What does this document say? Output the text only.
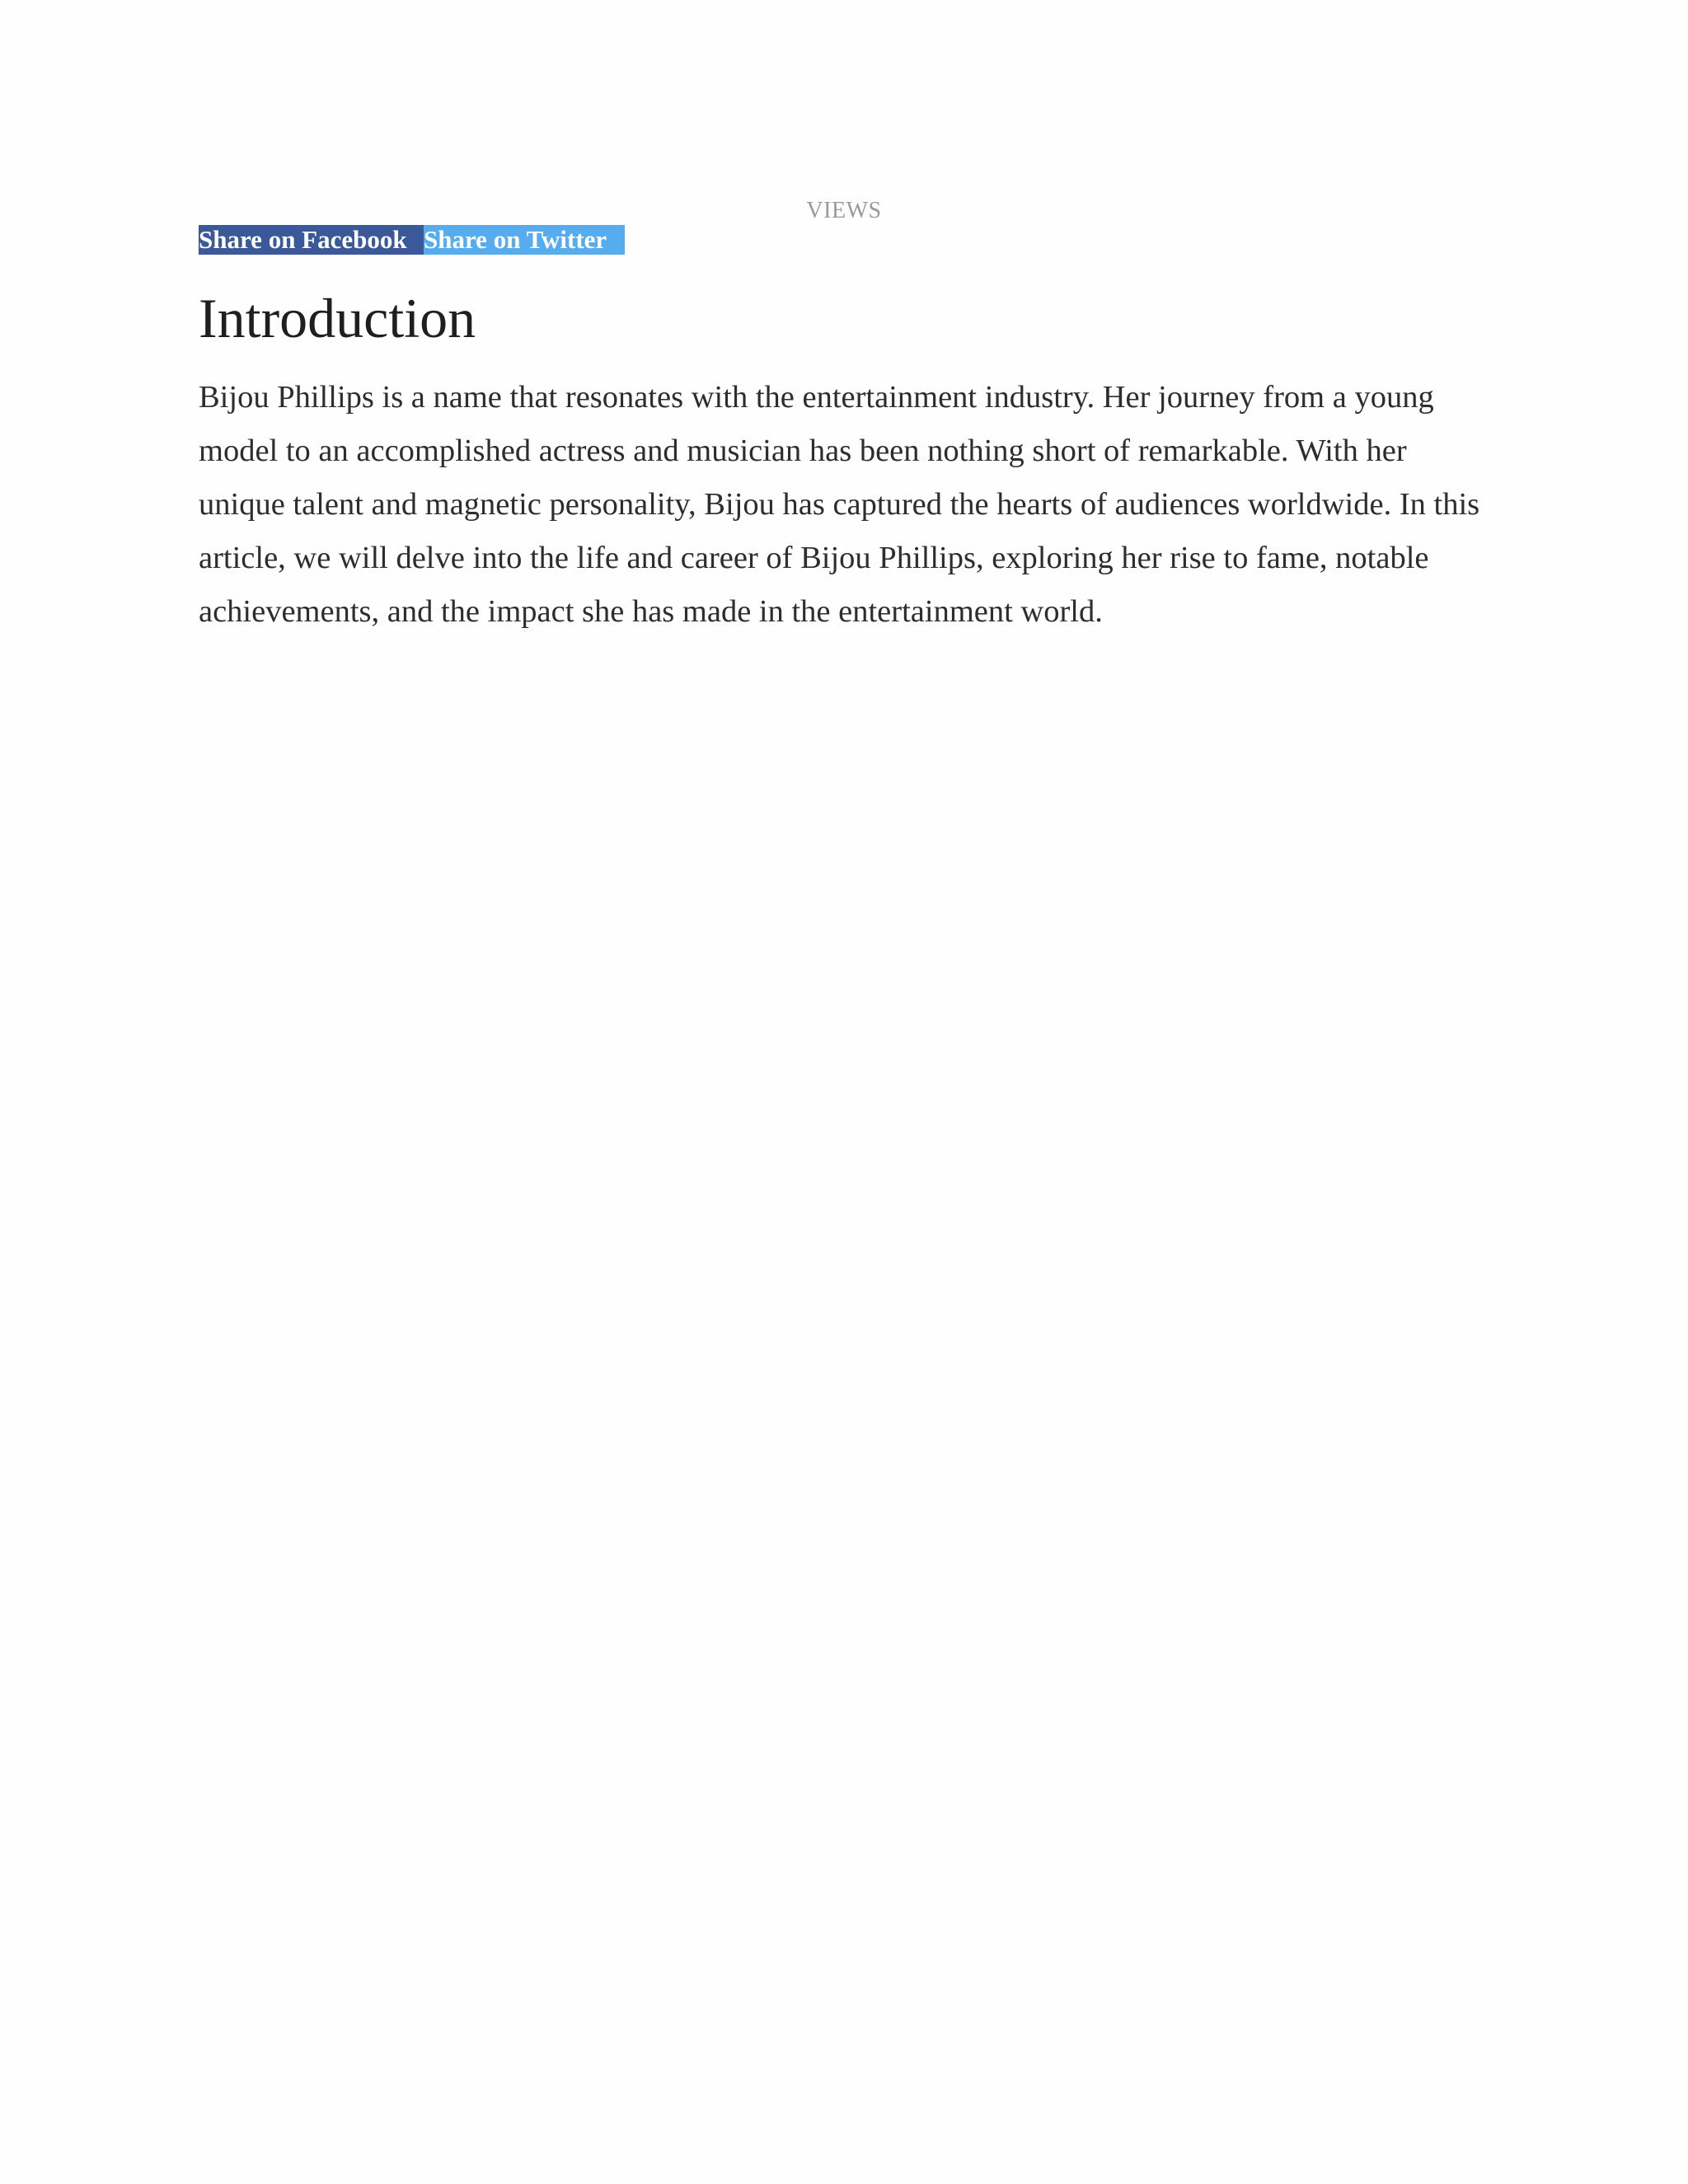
VIEWS
Share on Facebook Share on Twitter
Introduction

Bijou Phillips is a name that resonates with the entertainment industry. Her journey from a young model to an accomplished actress and musician has been nothing short of remarkable. With her unique talent and magnetic personality, Bijou has captured the hearts of audiences worldwide. In this article, we will delve into the life and career of Bijou Phillips, exploring her rise to fame, notable achievements, and the impact she has made in the entertainment world.
